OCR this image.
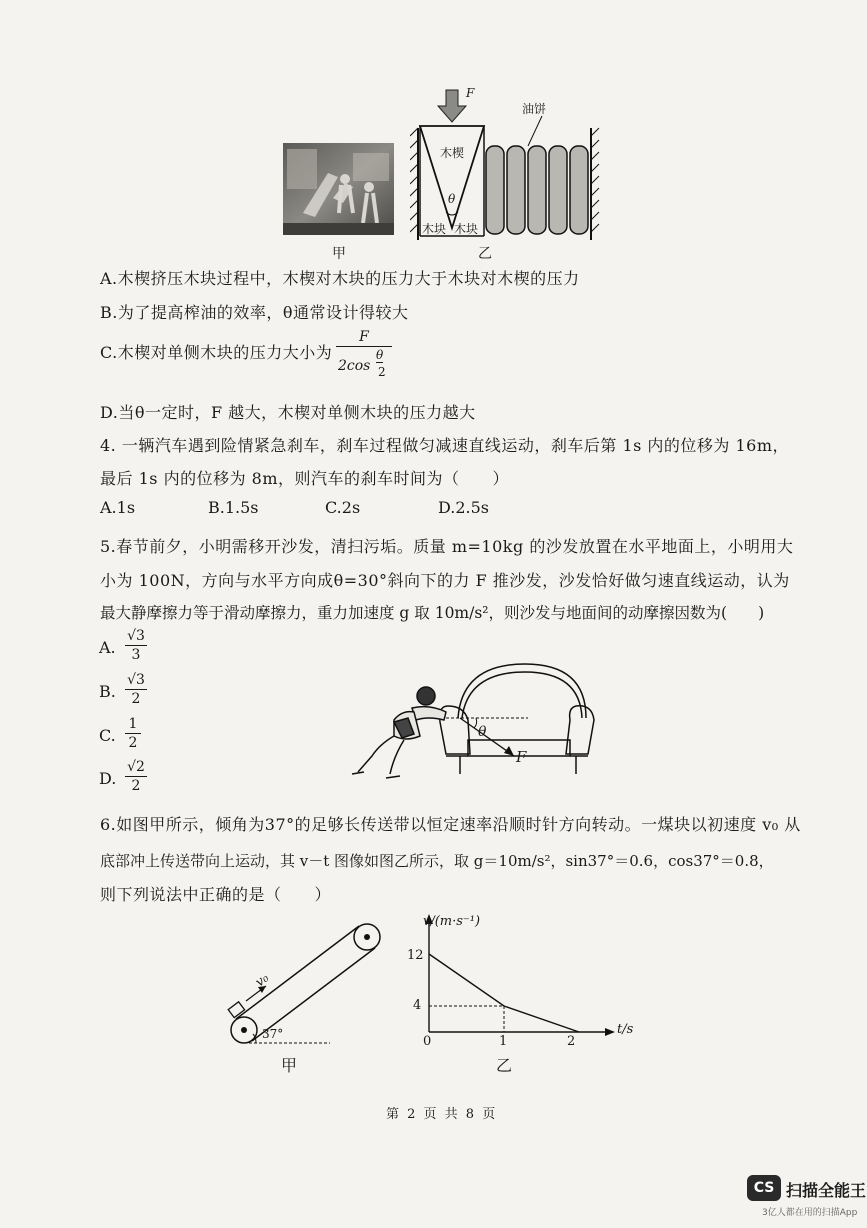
甲
F
油饼
木楔
θ
木块 木块
乙
A.木楔挤压木块过程中，木楔对木块的压力大于木块对木楔的压力
B.为了提高榨油的效率，θ通常设计得较大
C.木楔对单侧木块的压力大小为
F
2cos
θ
2
D.当θ一定时，F 越大，木楔对单侧木块的压力越大
4. 一辆汽车遇到险情紧急刹车，刹车过程做匀减速直线运动，刹车后第 1s 内的位移为 16m，
最后 1s 内的位移为 8m，则汽车的刹车时间为（　　）
A.1s	B.1.5s	C.2s	D.2.5s
5.春节前夕，小明需移开沙发，清扫污垢。质量 m=10kg 的沙发放置在水平地面上，小明用大
小为 100N，方向与水平方向成θ=30°斜向下的力 F 推沙发，沙发恰好做匀速直线运动，认为
最大静摩擦力等于滑动摩擦力，重力加速度 g 取 10m/s²，则沙发与地面间的动摩擦因数为(　　)
A.
√3
3
B.
√3
2
C.
1
2
D.
√2
2
θ
F
6.如图甲所示，倾角为37°的足够长传送带以恒定速率沿顺时针方向转动。一煤块以初速度 v₀ 从
底部冲上传送带向上运动，其 v－t 图像如图乙所示，取 g＝10m/s²，sin37°＝0.6，cos37°＝0.8，
则下列说法中正确的是（　　）
v₀
37°
甲
v/(m·s⁻¹)
t/s
12
4
0	1	2
乙
第 2 页 共 8 页
CS 扫描全能王
3亿人都在用的扫描App
